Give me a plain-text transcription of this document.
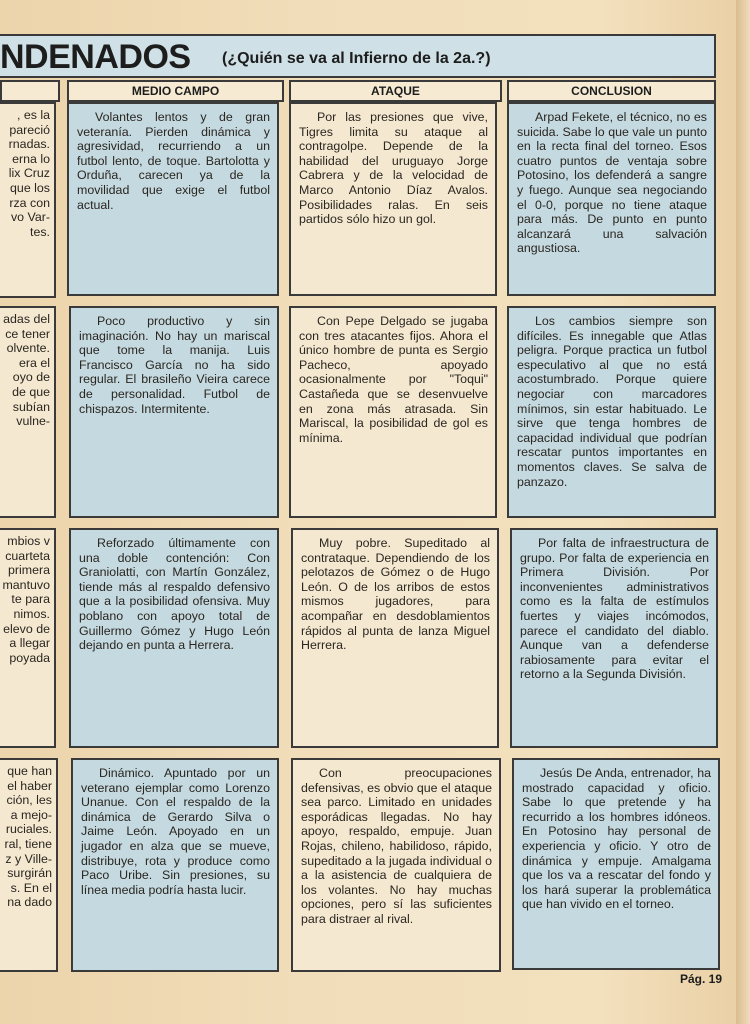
NDENADOS (¿Quién se va al Infierno de la 2a.?)
MEDIO CAMPO	ATAQUE	CONCLUSION
, es la
pareció
rnadas.
erna lo
lix Cruz
que los
rza con
vo Var-
tes.

Volantes lentos y de gran veteranía. Pierden dinámica y agresividad, recurriendo a un futbol lento, de toque. Bartolotta y Orduña, carecen ya de la movilidad que exige el futbol actual.

Por las presiones que vive, Tigres limita su ataque al contragolpe. Depende de la habilidad del uruguayo Jorge Cabrera y de la velocidad de Marco Antonio Díaz Avalos. Posibilidades ralas. En seis partidos sólo hizo un gol.

Arpad Fekete, el técnico, no es suicida. Sabe lo que vale un punto en la recta final del torneo. Esos cuatro puntos de ventaja sobre Potosino, los defenderá a sangre y fuego. Aunque sea negociando el 0-0, porque no tiene ataque para más. De punto en punto alcanzará una salvación angustiosa.

adas del
ce tener
olvente.
era el
oyo de
de que
subían
vulne-

Poco productivo y sin imaginación. No hay un mariscal que tome la manija. Luis Francisco García no ha sido regular. El brasileño Vieira carece de personalidad. Futbol de chispazos. Intermitente.

Con Pepe Delgado se jugaba con tres atacantes fijos. Ahora el único hombre de punta es Sergio Pacheco, apoyado ocasionalmente por "Toqui" Castañeda que se desenvuelve en zona más atrasada. Sin Mariscal, la posibilidad de gol es mínima.

Los cambios siempre son difíciles. Es innegable que Atlas peligra. Porque practica un futbol especulativo al que no está acostumbrado. Porque quiere negociar con marcadores mínimos, sin estar habituado. Le sirve que tenga hombres de capacidad individual que podrían rescatar puntos importantes en momentos claves. Se salva de panzazo.

mbios v
cuarteta
primera
mantuvo
te para
nimos.
elevo de
a llegar
poyada

Reforzado últimamente con una doble contención: Con Graniolatti, con Martín González, tiende más al respaldo defensivo que a la posibilidad ofensiva. Muy poblano con apoyo total de Guillermo Gómez y Hugo León dejando en punta a Herrera.

Muy pobre. Supeditado al contrataque. Dependiendo de los pelotazos de Gómez o de Hugo León. O de los arribos de estos mismos jugadores, para acompañar en desdoblamientos rápidos al punta de lanza Miguel Herrera.

Por falta de infraestructura de grupo. Por falta de experiencia en Primera División. Por inconvenientes administrativos como es la falta de estímulos fuertes y viajes incómodos, parece el candidato del diablo. Aunque van a defenderse rabiosamente para evitar el retorno a la Segunda División.

que han
el haber
ción, les
a mejo-
ruciales.
ral, tiene
z y Ville-
surgirán
s. En el
na dado

Dinámico. Apuntado por un veterano ejemplar como Lorenzo Unanue. Con el respaldo de la dinámica de Gerardo Silva o Jaime León. Apoyado en un jugador en alza que se mueve, distribuye, rota y produce como Paco Uribe. Sin presiones, su línea media podría hasta lucir.

Con preocupaciones defensivas, es obvio que el ataque sea parco. Limitado en unidades esporádicas llegadas. No hay apoyo, respaldo, empuje. Juan Rojas, chileno, habilidoso, rápido, supeditado a la jugada individual o a la asistencia de cualquiera de los volantes. No hay muchas opciones, pero sí las suficientes para distraer al rival.

Jesús De Anda, entrenador, ha mostrado capacidad y oficio. Sabe lo que pretende y ha recurrido a los hombres idóneos. En Potosino hay personal de experiencia y oficio. Y otro de dinámica y empuje. Amalgama que los va a rescatar del fondo y los hará superar la problemática que han vivido en el torneo.

Pág. 19
